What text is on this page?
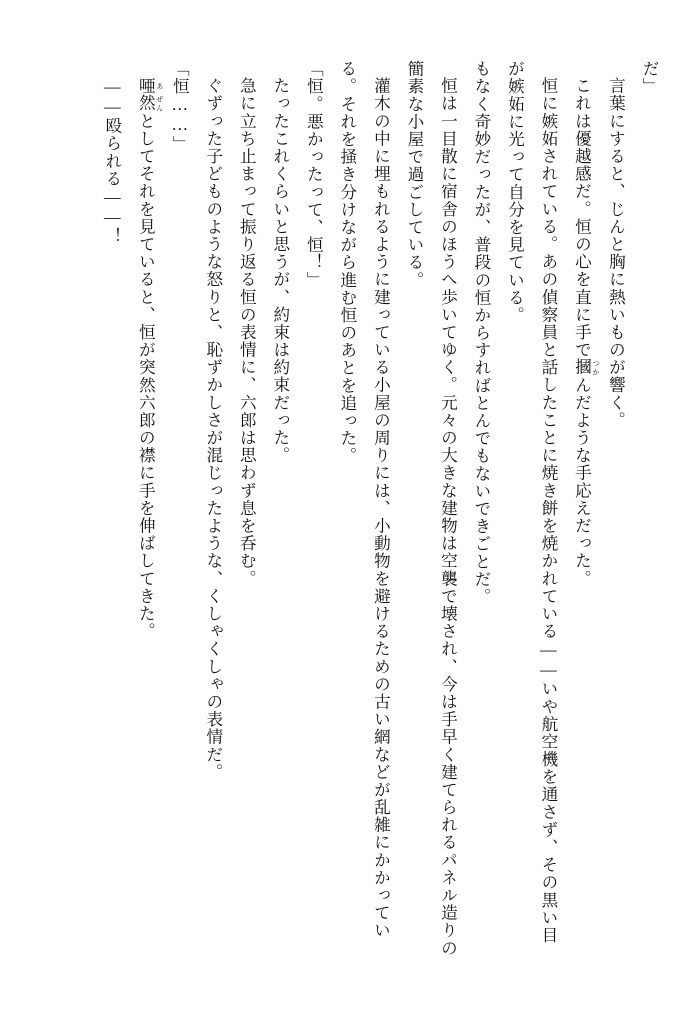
だ」

言葉にすると、じんと胸に熱いものが響く。

これは優越感だ。恒の心を直に手で摑 つかんだような手応えだった。

恒に嫉妬されている。あの偵察員と話したことに焼き餅を焼かれている――いや航空機を通さず、その黒い目が嫉妬に光って自分を見ている。

もなく奇妙だったが、普段の恒からすればとんでもないできごとだ。

恒は一目散に宿舎のほうへ歩いてゆく。元々の大きな建物は空襲で壊され、今は手早く建てられるパネル造りの簡素な小屋で過ごしている。

灌木の中に埋もれるように建っている小屋の周りには、小動物を避けるための古い網などが乱雑にかかっている。それを掻き分けながら進む恒のあとを追った。

「恒。悪かったって、恒！」

たったこれくらいと思うが、約束は約束だった。

急に立ち止まって振り返る恒の表情に、六郎は思わず息を呑む。

ぐずった子どものような怒りと、恥ずかしさが混じったような、くしゃくしゃの表情だ。

「恒……」

唖 あ然 ぜんとしてそれを見ていると、恒が突然六郎の襟に手を伸ばしてきた。

――殴られる――！
